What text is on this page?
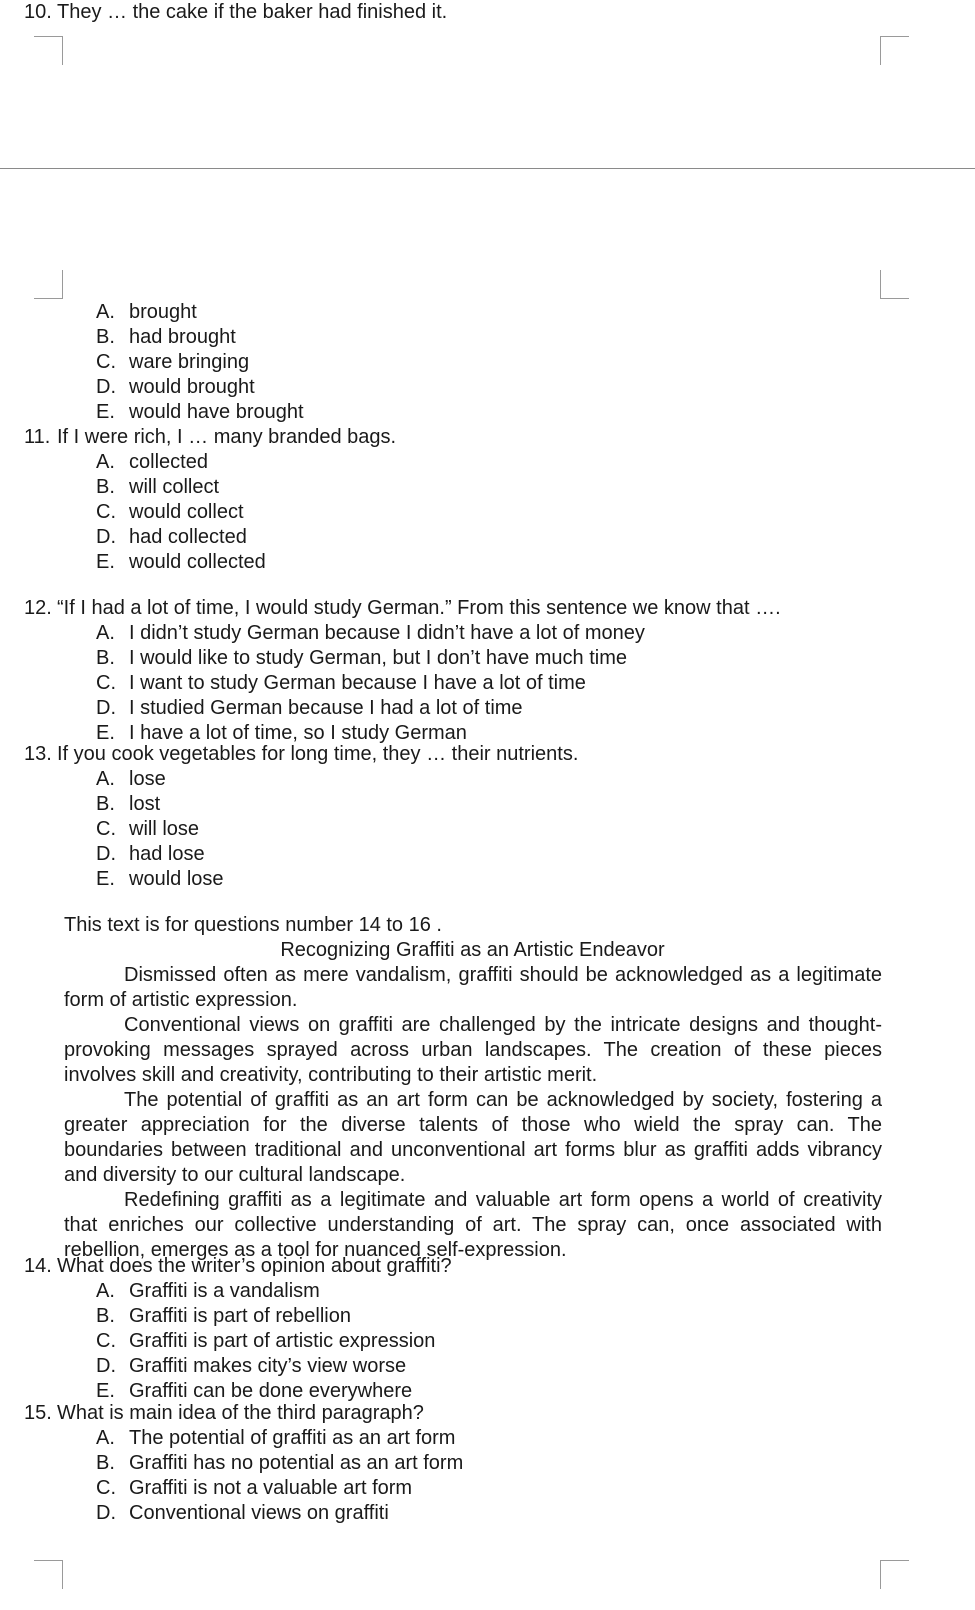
10. They … the cake if the baker had finished it.
A. brought
B. had brought
C. ware bringing
D. would brought
E. would have brought
11. If I were rich, I … many branded bags.
A. collected
B. will collect
C. would collect
D. had collected
E. would collected
12. “If I had a lot of time, I would study German.” From this sentence we know that ….
A. I didn’t study German because I didn’t have a lot of money
B. I would like to study German, but I don’t have much time
C. I want to study German because I have a lot of time
D. I studied German because I had a lot of time
E. I have a lot of time, so I study German
13. If you cook vegetables for long time, they … their nutrients.
A. lose
B. lost
C. will lose
D. had lose
E. would lose
This text is for questions number 14 to 16 .
Recognizing Graffiti as an Artistic Endeavor
Dismissed often as mere vandalism, graffiti should be acknowledged as a legitimate form of artistic expression.
Conventional views on graffiti are challenged by the intricate designs and thought-provoking messages sprayed across urban landscapes. The creation of these pieces involves skill and creativity, contributing to their artistic merit.
The potential of graffiti as an art form can be acknowledged by society, fostering a greater appreciation for the diverse talents of those who wield the spray can. The boundaries between traditional and unconventional art forms blur as graffiti adds vibrancy and diversity to our cultural landscape.
Redefining graffiti as a legitimate and valuable art form opens a world of creativity that enriches our collective understanding of art. The spray can, once associated with rebellion, emerges as a tool for nuanced self-expression.
14. What does the writer’s opinion about graffiti?
A. Graffiti is a vandalism
B. Graffiti is part of rebellion
C. Graffiti is part of artistic expression
D. Graffiti makes city’s view worse
E. Graffiti can be done everywhere
15. What is main idea of the third paragraph?
A. The potential of graffiti as an art form
B. Graffiti has no potential as an art form
C. Graffiti is not a valuable art form
D. Conventional views on graffiti
